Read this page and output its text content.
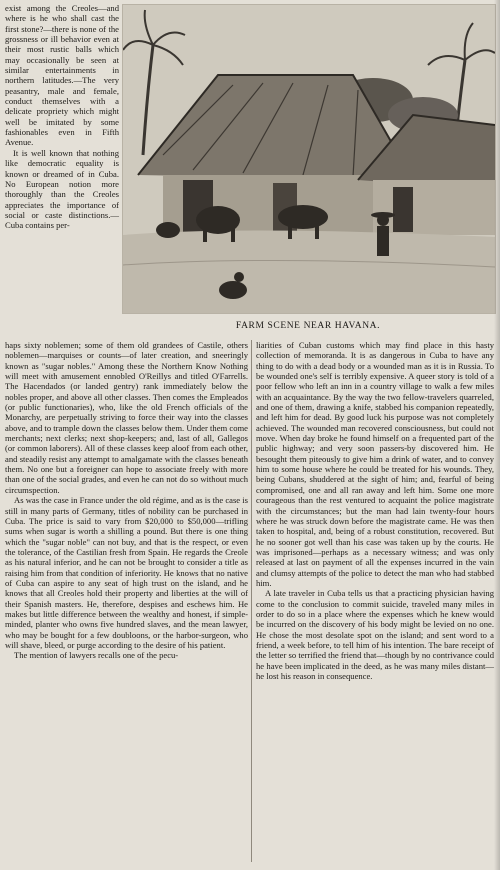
exist among the Creoles—and where is he who shall cast the first stone?—there is none of the grossness or ill behavior even at their most rustic balls which may occasionally be seen at similar entertainments in northern latitudes.—The very peasantry, male and female, conduct themselves with a delicate propriety which might well be imitated by some fashionables even in Fifth Avenue.

It is well known that nothing like democratic equality is known or dreamed of in Cuba. No European notion more thoroughly than the Creoles appreciates the importance of social or caste distinctions.—Cuba contains per-

FARM SCENE NEAR HAVANA.

haps sixty noblemen; some of them old grandees of Castile, others noblemen—marquises or counts—of later creation, and sneeringly known as "sugar nobles." Among these the Northern Know Nothing will meet with amusement ennobled O'Reillys and titled O'Farrells. The Hacendados (or landed gentry) rank immediately below the nobles proper, and above all other classes. Then comes the Empleados (or public functionaries), who, like the old French officials of the Monarchy, are perpetually striving to force their way into the classes above, and to trample down the classes below them. Under them come merchants; next clerks; next shop-keepers; and, last of all, Gallegos (or common laborers). All of these classes keep aloof from each other, and steadily resist any attempt to amalgamate with the classes beneath them. No one but a foreigner can hope to associate freely with more than one of the social grades, and even he can not do so without much circumspection.

As was the case in France under the old régime, and as is the case is still in many parts of Germany, titles of nobility can be purchased in Cuba. The price is said to vary from $20,000 to $50,000—trifling sums when sugar is worth a shilling a pound. But there is one thing which the "sugar noble" can not buy, and that is the respect, or even the tolerance, of the Castilian fresh from Spain. He regards the Creole as his natural inferior, and he can not be brought to consider a title as raising him from that condition of inferiority. He knows that no native of Cuba can aspire to any seat of high trust on the island, and he knows that all Creoles hold their property and liberties at the will of their Spanish masters. He, therefore, despises and eschews him. He makes but little difference between the wealthy and honest, if simple-minded, planter who owns five hundred slaves, and the mean lawyer, who may be bought for a few doubloons, or the harbor-surgeon, who will shave, bleed, or purge according to the desire of his patient.

The mention of lawyers recalls one of the pecu-

liarities of Cuban customs which may find place in this hasty collection of memoranda. It is as dangerous in Cuba to have any thing to do with a dead body or a wounded man as it is in Russia. To be wounded one's self is terribly expensive. A queer story is told of a poor fellow who left an inn in a country village to walk a few miles with an acquaintance. By the way the two fellow-travelers quarreled, and one of them, drawing a knife, stabbed his companion repeatedly, and left him for dead. By good luck his purpose was not completely achieved. The wounded man recovered consciousness, but could not move. When day broke he found himself on a frequented part of the public highway; and very soon passers-by discovered him. He besought them piteously to give him a drink of water, and to convey him to some house where he could be treated for his wounds. They, being Cubans, shuddered at the sight of him; and, fearful of being compromised, one and all ran away and left him. Some one more courageous than the rest ventured to acquaint the police magistrate with the circumstances; but the man had lain twenty-four hours where he was struck down before the magistrate came. He was then taken to hospital, and, being of a robust constitution, recovered. But he no sooner got well than his case was taken up by the courts. He was imprisoned—perhaps as a necessary witness; and was only released at last on payment of all the expenses incurred in the vain and clumsy attempts of the police to detect the man who had stabbed him.

A late traveler in Cuba tells us that a practicing physician having come to the conclusion to commit suicide, traveled many miles in order to do so in a place where the expenses which he knew would be incurred on the discovery of his body might be levied on no one. He chose the most desolate spot on the island; and sent word to a friend, a week before, to tell him of his intention. The bare receipt of the letter so terrified the friend that—though by no contrivance could he have been implicated in the deed, as he was many miles distant—he lost his reason in consequence.
